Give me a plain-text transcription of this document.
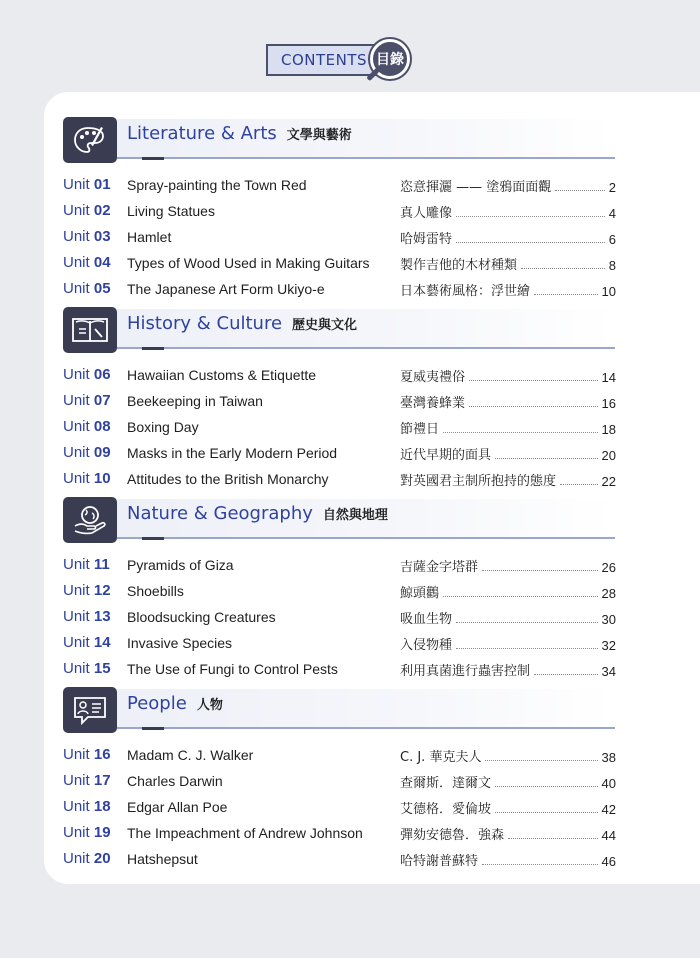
CONTENTS 目錄
Literature & Arts 文學與藝術
Unit 01 Spray-painting the Town Red	恣意揮灑 —— 塗鴉面面觀	2
Unit 02 Living Statues	真人雕像	4
Unit 03 Hamlet	哈姆雷特	6
Unit 04 Types of Wood Used in Making Guitars 製作吉他的木材種類	8
Unit 05 The Japanese Art Form Ukiyo-e	日本藝術風格：浮世繪	10
History & Culture 歷史與文化
Unit 06 Hawaiian Customs & Etiquette	夏威夷禮俗	14
Unit 07 Beekeeping in Taiwan	臺灣養蜂業	16
Unit 08 Boxing Day	節禮日	18
Unit 09 Masks in the Early Modern Period	近代早期的面具	20
Unit 10 Attitudes to the British Monarchy	對英國君主制所抱持的態度	22
Nature & Geography 自然與地理
Unit 11 Pyramids of Giza	吉薩金字塔群	26
Unit 12 Shoebills	鯨頭鸛	28
Unit 13 Bloodsucking Creatures	吸血生物	30
Unit 14 Invasive Species	入侵物種	32
Unit 15 The Use of Fungi to Control Pests	利用真菌進行蟲害控制	34
People 人物
Unit 16 Madam C. J. Walker	C. J. 華克夫人	38
Unit 17 Charles Darwin	查爾斯．達爾文	40
Unit 18 Edgar Allan Poe	艾德格．愛倫坡	42
Unit 19 The Impeachment of Andrew Johnson	彈劾安德魯．強森	44
Unit 20 Hatshepsut	哈特謝普蘇特	46
